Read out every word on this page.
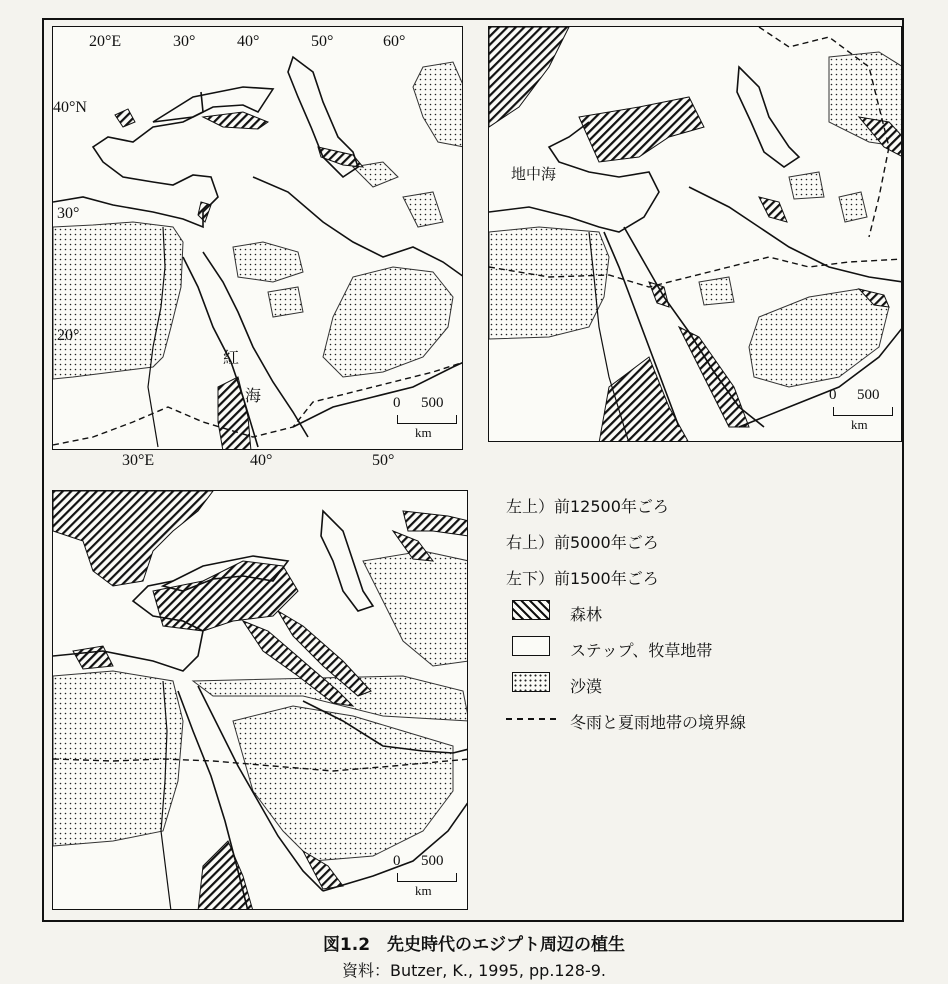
20°E	30°	40°	50°	60°
40°N
30°
20°
紅
海	0 500
km
30°E	40°	50°
地中海
0 500
km
0 500
km
左上）前12500年ごろ
右上）前5000年ごろ
左下）前1500年ごろ
森林
ステップ、牧草地帯
沙漠
冬雨と夏雨地帯の境界線
図1.2　先史時代のエジプト周辺の植生
資料：Butzer, K., 1995, pp.128-9.
